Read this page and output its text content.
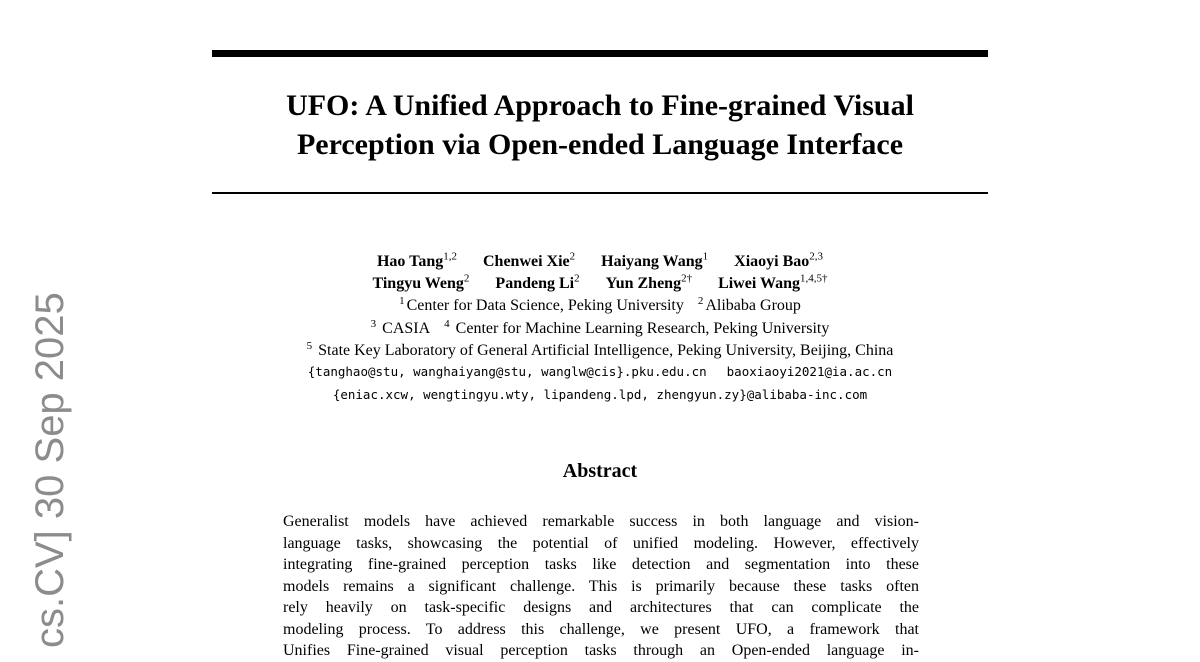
UFO: A Unified Approach to Fine-grained Visual
Perception via Open-ended Language Interface
Hao Tang$^{1,2}$ Chenwei Xie$^2$ Haiyang Wang$^1$ Xiaoyi Bao$^{2,3}$
Tingyu Weng$^2$ Pandeng Li$^2$ Yun Zheng$^{2\dagger}$ Liwei Wang$^{1,4,5\dagger}$
$^1$ Center for Data Science, Peking University $^2$ Alibaba Group
$^3$ CASIA $^4$ Center for Machine Learning Research, Peking University
$^5$ State Key Laboratory of General Artificial Intelligence, Peking University, Beijing, China
{tanghao@stu, wanghaiyang@stu, wanglw@cis}.pku.edu.cn baoxiaoyi2021@ia.ac.cn
{eniac.xcw, wengtingyu.wty, lipandeng.lpd, zhengyun.zy}@alibaba-inc.com
Abstract

Generalist models have achieved remarkable success in both language and vision-
language tasks, showcasing the potential of unified modeling. However, effectively
integrating fine-grained perception tasks like detection and segmentation into these
models remains a significant challenge. This is primarily because these tasks often
rely heavily on task-specific designs and architectures that can complicate the
modeling process. To address this challenge, we present UFO, a framework that
Unifies Fine-grained visual perception tasks through an Open-ended language in-

cs.CV] 30 Sep 2025
